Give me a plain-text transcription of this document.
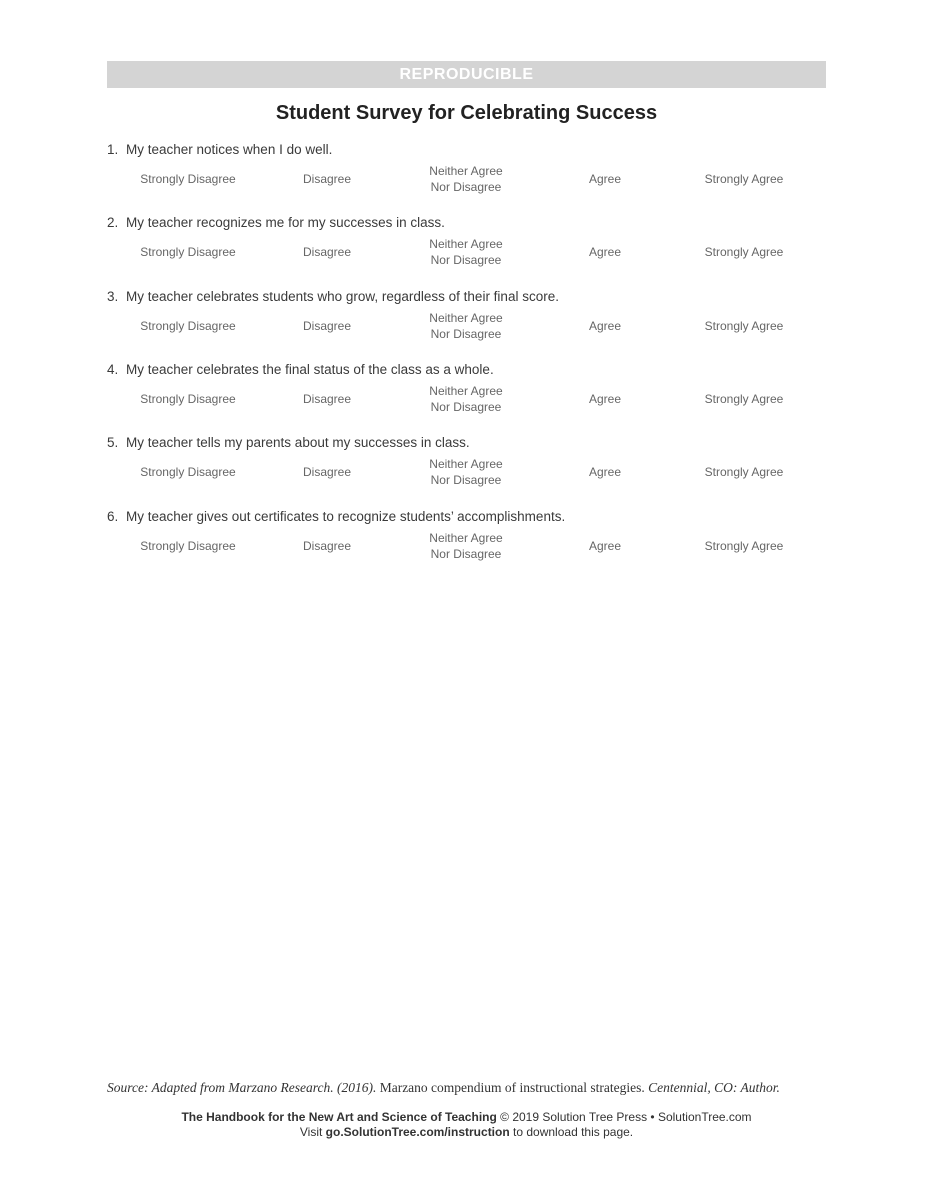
REPRODUCIBLE
Student Survey for Celebrating Success
1. My teacher notices when I do well.
Strongly Disagree	Disagree
Neither Agree
Nor Disagree
Agree	Strongly Agree
2. My teacher recognizes me for my successes in class.
Strongly Disagree	Disagree
Neither Agree
Nor Disagree
Agree	Strongly Agree
3. My teacher celebrates students who grow, regardless of their final score.
Strongly Disagree	Disagree
Neither Agree
Nor Disagree
Agree	Strongly Agree
4. My teacher celebrates the final status of the class as a whole.
Strongly Disagree	Disagree
Neither Agree
Nor Disagree
Agree	Strongly Agree
5. My teacher tells my parents about my successes in class.
Strongly Disagree	Disagree
Neither Agree
Nor Disagree
Agree	Strongly Agree
6. My teacher gives out certificates to recognize students’ accomplishments.
Strongly Disagree	Disagree
Neither Agree
Nor Disagree
Agree	Strongly Agree
Source: Adapted from Marzano Research. (2016). Marzano compendium of instructional strategies. Centennial, CO: Author.
The Handbook for the New Art and Science of Teaching © 2019 Solution Tree Press • SolutionTree.com
Visit go.SolutionTree.com/instruction to download this page.
